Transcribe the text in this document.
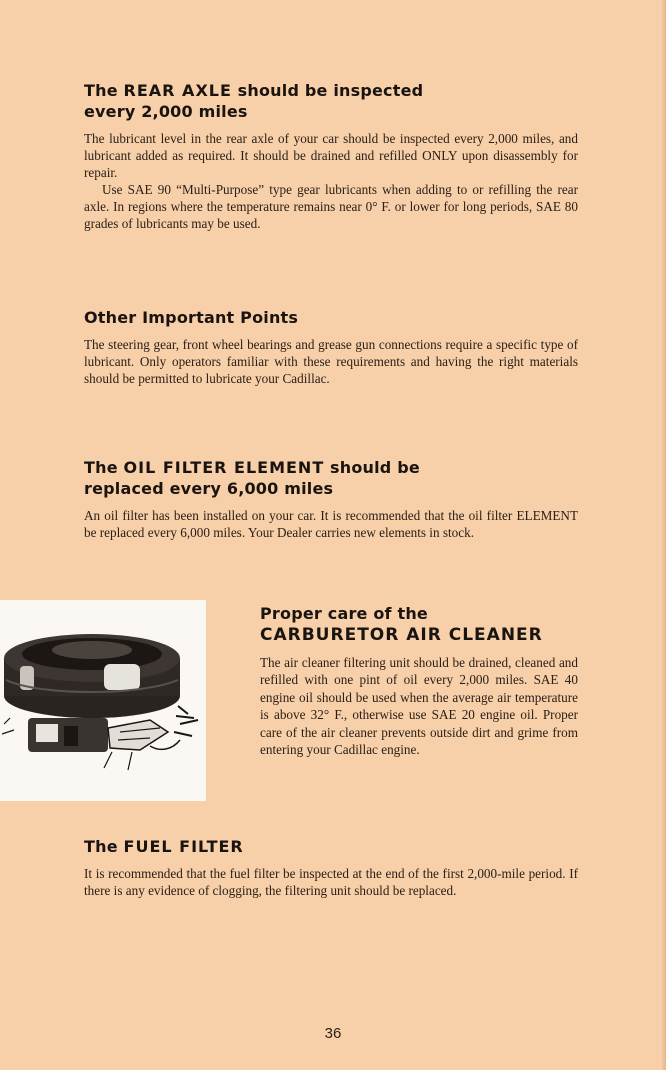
The REAR AXLE should be inspected
every 2,000 miles

The lubricant level in the rear axle of your car should be inspected every 2,000 miles, and lubricant added as required. It should be drained and refilled ONLY upon disassembly for repair.

Use SAE 90 “Multi-Purpose” type gear lubricants when adding to or refilling the rear axle. In regions where the temperature remains near 0° F. or lower for long periods, SAE 80 grades of lubricants may be used.

Other Important Points

The steering gear, front wheel bearings and grease gun connections require a specific type of lubricant. Only operators familiar with these requirements and having the right materials should be permitted to lubricate your Cadillac.

The OIL FILTER ELEMENT should be
replaced every 6,000 miles

An oil filter has been installed on your car. It is recommended that the oil filter ELEMENT be replaced every 6,000 miles. Your Dealer carries new elements in stock.

Proper care of the
CARBURETOR AIR CLEANER

The air cleaner filtering unit should be drained, cleaned and refilled with one pint of oil every 2,000 miles. SAE 40 engine oil should be used when the average air temperature is above 32° F., otherwise use SAE 20 engine oil. Proper care of the air cleaner prevents outside dirt and grime from entering your Cadillac engine.

The FUEL FILTER

It is recommended that the fuel filter be inspected at the end of the first 2,000-mile period. If there is any evidence of clogging, the filtering unit should be replaced.

36
